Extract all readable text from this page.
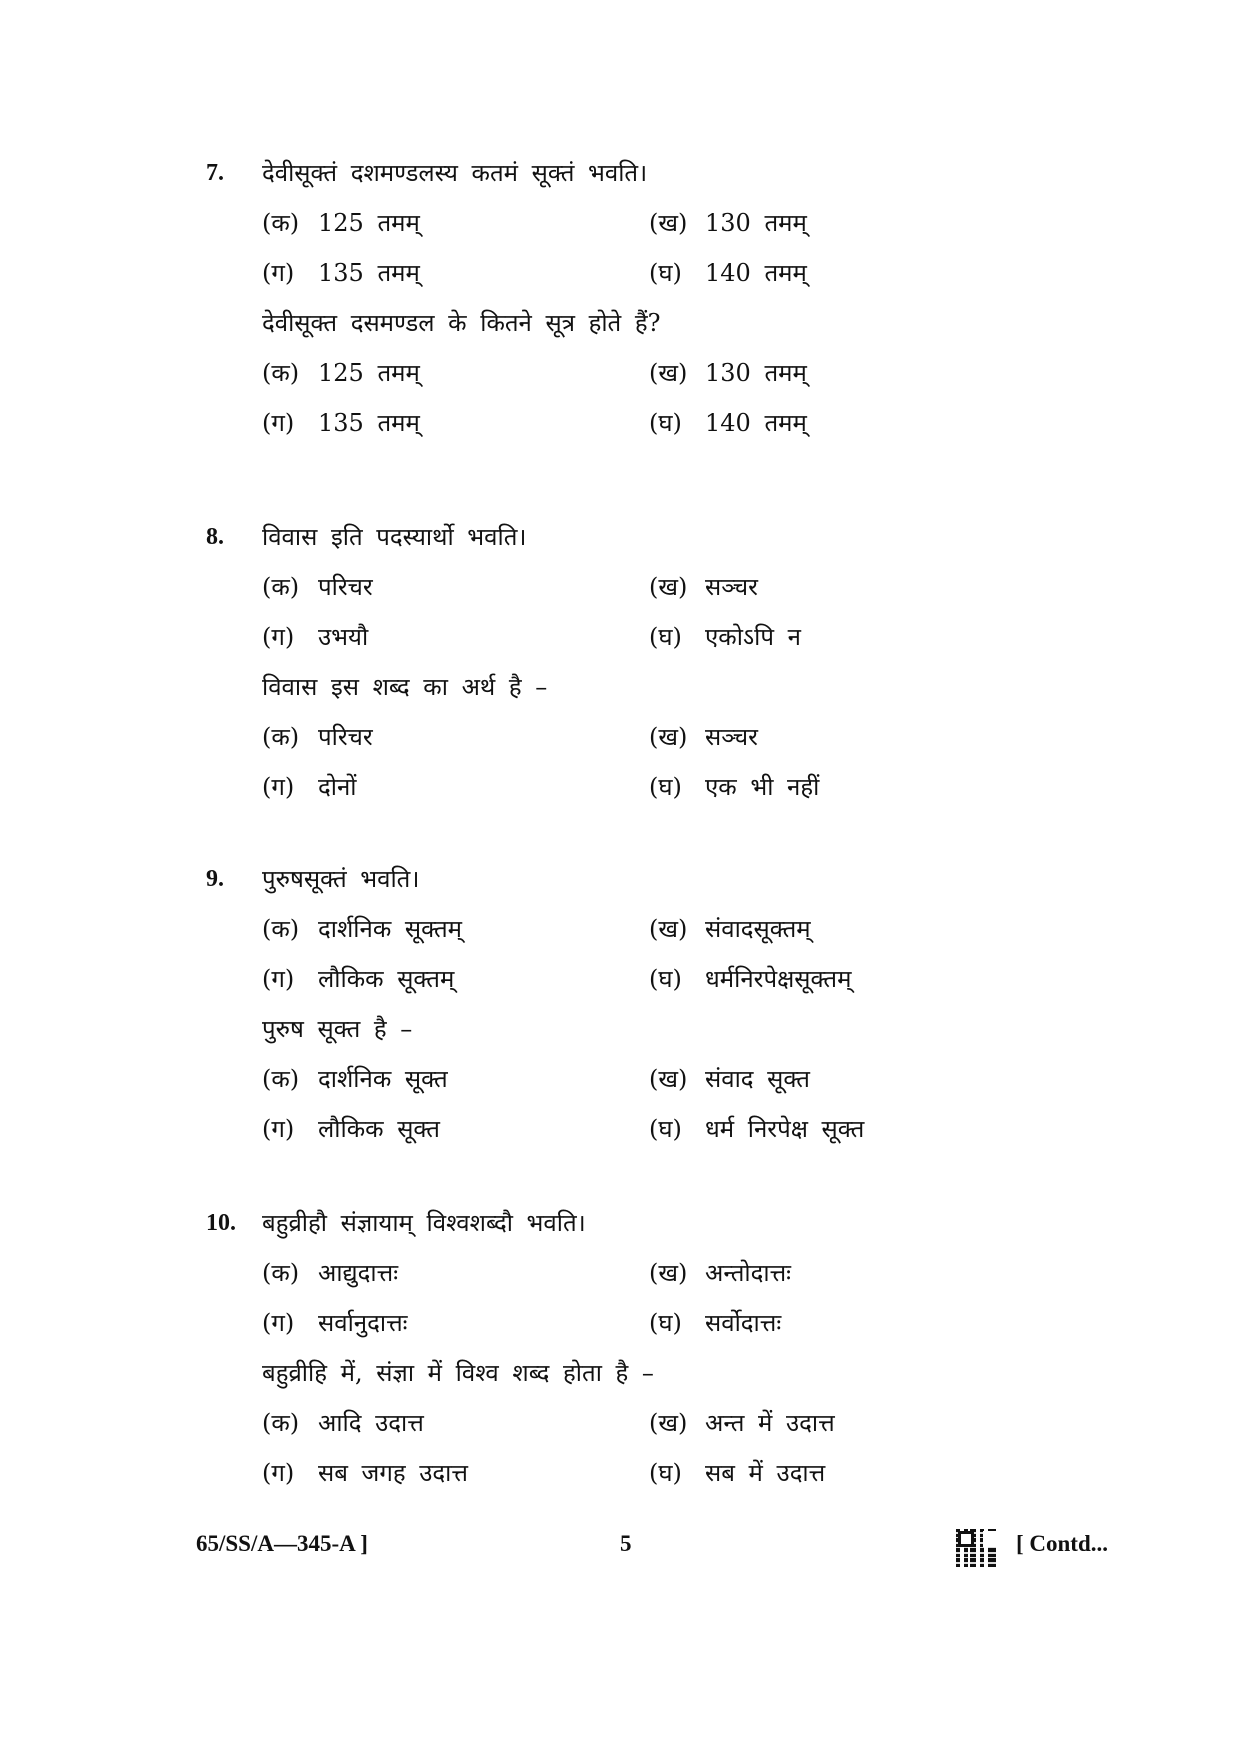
7. देवीसूक्तं दशमण्डलस्य कतमं सूक्तं भवति।
(क) 125 तमम्	(ख) 130 तमम्
(ग) 135 तमम्	(घ) 140 तमम्
देवीसूक्त दसमण्डल के कितने सूत्र होते हैं?
(क) 125 तमम्	(ख) 130 तमम्
(ग) 135 तमम्	(घ) 140 तमम्
8. विवास इति पदस्यार्थो भवति।
(क) परिचर	(ख) सञ्चर
(ग) उभयौ	(घ) एकोऽपि न
विवास इस शब्द का अर्थ है –
(क) परिचर	(ख) सञ्चर
(ग) दोनों	(घ) एक भी नहीं
9. पुरुषसूक्तं भवति।
(क) दार्शनिक सूक्तम्	(ख) संवादसूक्तम्
(ग) लौकिक सूक्तम्	(घ) धर्मनिरपेक्षसूक्तम्
पुरुष सूक्त है –
(क) दार्शनिक सूक्त	(ख) संवाद सूक्त
(ग) लौकिक सूक्त	(घ) धर्म निरपेक्ष सूक्त
10. बहुव्रीहौ संज्ञायाम् विश्वशब्दौ भवति।
(क) आद्युदात्तः	(ख) अन्तोदात्तः
(ग) सर्वानुदात्तः	(घ) सर्वोदात्तः
बहुव्रीहि में, संज्ञा में विश्व शब्द होता है –
(क) आदि उदात्त	(ख) अन्त में उदात्त
(ग) सब जगह उदात्त	(घ) सब में उदात्त
65/SS/A—345-A ]	5	[ Contd...
